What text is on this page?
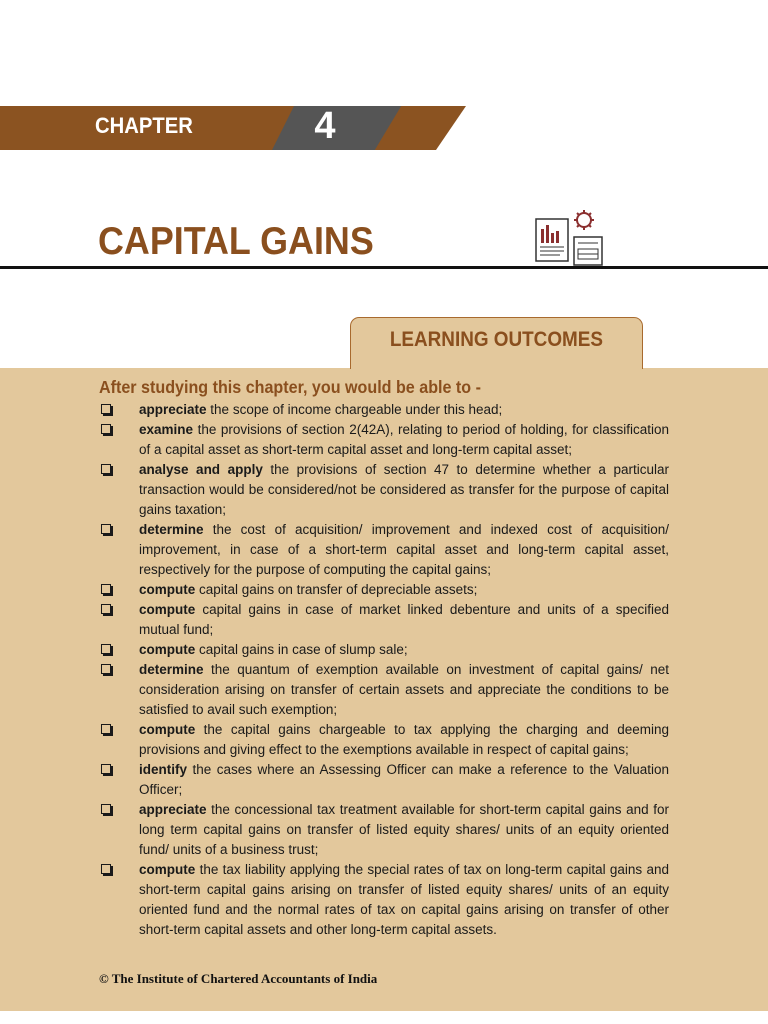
CHAPTER	4
CAPITAL GAINS
LEARNING OUTCOMES
After studying this chapter, you would be able to -
appreciate the scope of income chargeable under this head;
examine the provisions of section 2(42A), relating to period of holding, for classification of a capital asset as short-term capital asset and long-term capital asset;
analyse and apply the provisions of section 47 to determine whether a particular transaction would be considered/not be considered as transfer for the purpose of capital gains taxation;
determine the cost of acquisition/ improvement and indexed cost of acquisition/ improvement, in case of a short-term capital asset and long-term capital asset, respectively for the purpose of computing the capital gains;
compute capital gains on transfer of depreciable assets;
compute capital gains in case of market linked debenture and units of a specified mutual fund;
compute capital gains in case of slump sale;
determine the quantum of exemption available on investment of capital gains/ net consideration arising on transfer of certain assets and appreciate the conditions to be satisfied to avail such exemption;
compute the capital gains chargeable to tax applying the charging and deeming provisions and giving effect to the exemptions available in respect of capital gains;
identify the cases where an Assessing Officer can make a reference to the Valuation Officer;
appreciate the concessional tax treatment available for short-term capital gains and for long term capital gains on transfer of listed equity shares/ units of an equity oriented fund/ units of a business trust;
compute the tax liability applying the special rates of tax on long-term capital gains and short-term capital gains arising on transfer of listed equity shares/ units of an equity oriented fund and the normal rates of tax on capital gains arising on transfer of other short-term capital assets and other long-term capital assets.
© The Institute of Chartered Accountants of India
